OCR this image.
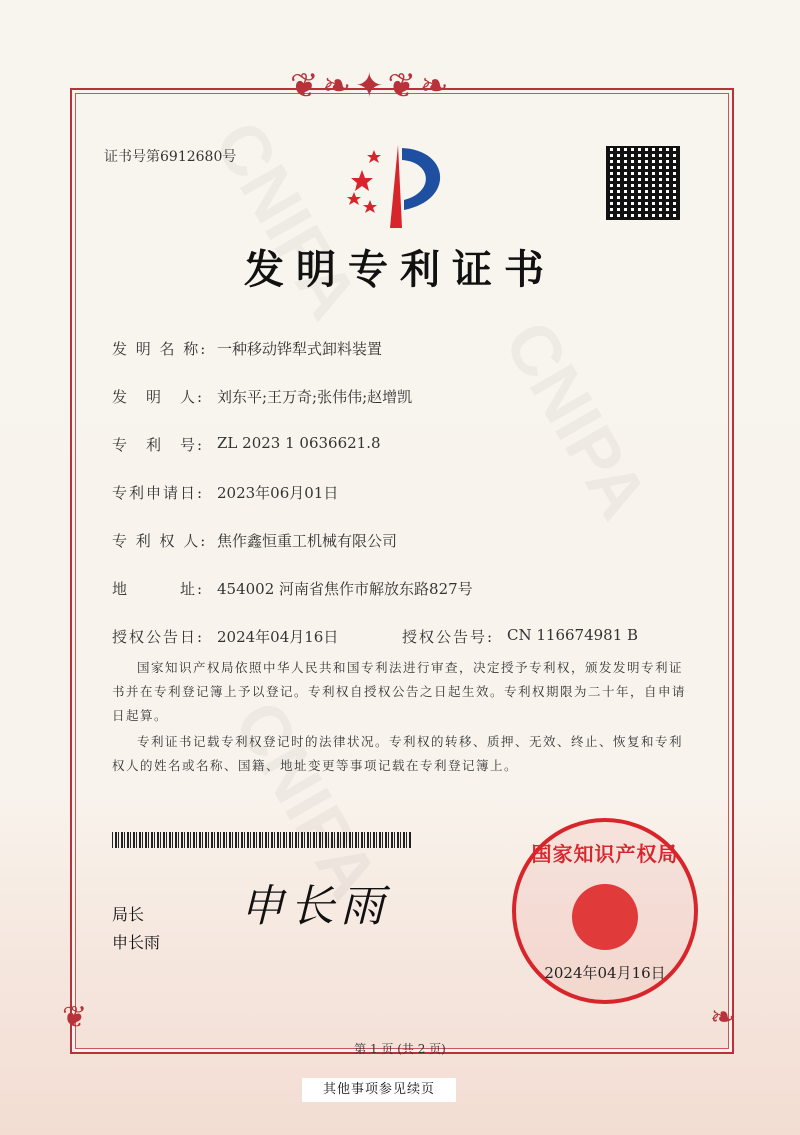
❦❧✦❦❧
❦	❧
证书号第6912680号
发明专利证书
发 明 名 称: 一种移动铧犁式卸料装置
发　明　人: 刘东平;王万奇;张伟伟;赵增凯
专　利　号: ZL 2023 1 0636621.8
专利申请日: 2023年06月01日
专 利 权 人: 焦作鑫恒重工机械有限公司
地　　　址: 454002 河南省焦作市解放东路827号
授权公告日: 2024年04月16日	授权公告号: CN 116674981 B
国家知识产权局依照中华人民共和国专利法进行审查，决定授予专利权，颁发发明专利证书并在专利登记簿上予以登记。专利权自授权公告之日起生效。专利权期限为二十年，自申请日起算。
专利证书记载专利权登记时的法律状况。专利权的转移、质押、无效、终止、恢复和专利权人的姓名或名称、国籍、地址变更等事项记载在专利登记簿上。
局长
申长雨
申长雨
国家知识产权局
2024年04月16日
第 1 页 (共 2 页)
其他事项参见续页
